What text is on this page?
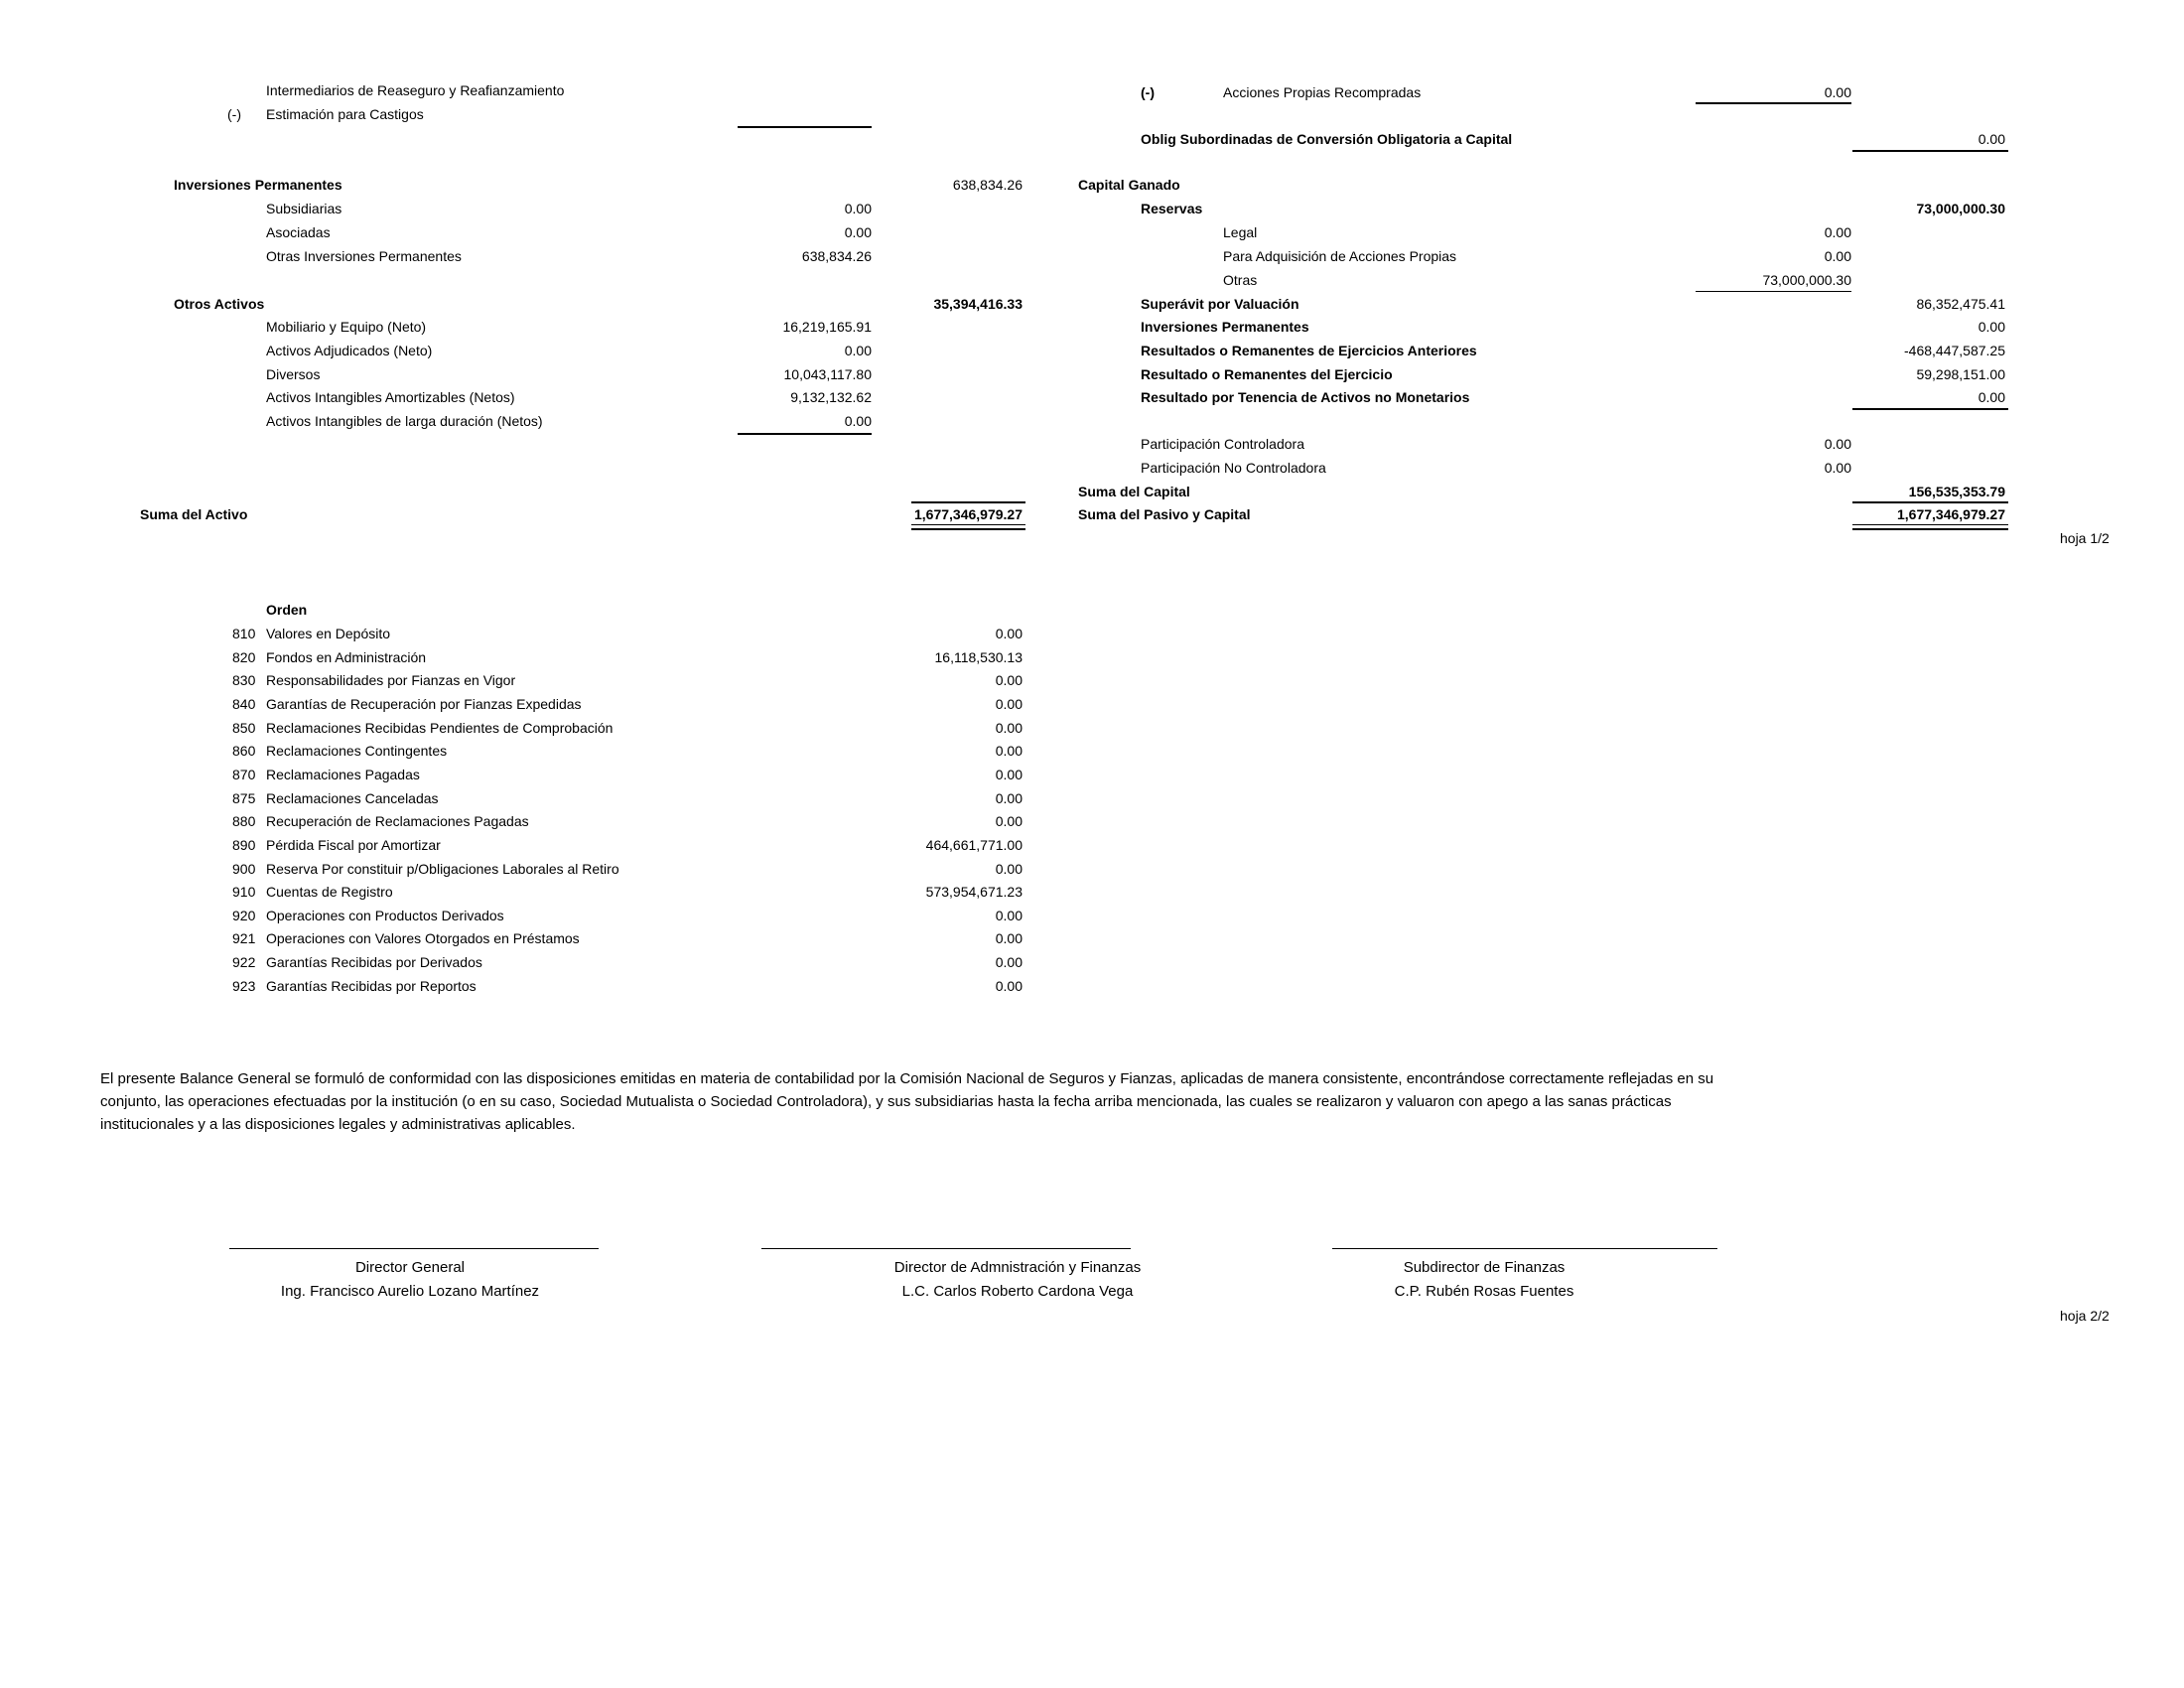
Intermediarios de Reaseguro y Reafianzamiento
(-) Estimación para Castigos
Inversiones Permanentes	638,834.26
Subsidiarias	0.00
Asociadas	0.00
Otras Inversiones Permanentes	638,834.26
Otros Activos	35,394,416.33
Mobiliario y Equipo (Neto)	16,219,165.91
Activos Adjudicados (Neto)	0.00
Diversos	10,043,117.80
Activos Intangibles Amortizables (Netos)	9,132,132.62
Activos Intangibles de larga duración (Netos)	0.00
Suma del Activo	1,677,346,979.27
(-)	Acciones Propias Recompradas	0.00
Oblig Subordinadas de Conversión Obligatoria a Capital	0.00
Capital Ganado
Reservas	73,000,000.30
Legal	0.00
Para Adquisición de Acciones Propias	0.00
Otras	73,000,000.30
Superávit por Valuación	86,352,475.41
Inversiones Permanentes	0.00
Resultados o Remanentes de Ejercicios Anteriores	-468,447,587.25
Resultado o Remanentes del Ejercicio	59,298,151.00
Resultado por Tenencia de Activos no Monetarios	0.00
Participación Controladora	0.00
Participación No Controladora	0.00
Suma del Capital	156,535,353.79
Suma del Pasivo y Capital	1,677,346,979.27
hoja 1/2
Orden
810 Valores en Depósito	0.00
820 Fondos en Administración	16,118,530.13
830 Responsabilidades por Fianzas en Vigor	0.00
840 Garantías de Recuperación por Fianzas Expedidas	0.00
850 Reclamaciones Recibidas Pendientes de Comprobación	0.00
860 Reclamaciones Contingentes	0.00
870 Reclamaciones Pagadas	0.00
875 Reclamaciones Canceladas	0.00
880 Recuperación de Reclamaciones Pagadas	0.00
890 Pérdida Fiscal por Amortizar	464,661,771.00
900 Reserva Por constituir p/Obligaciones Laborales al Retiro	0.00
910 Cuentas de Registro	573,954,671.23
920 Operaciones con Productos Derivados	0.00
921 Operaciones con Valores Otorgados en Préstamos	0.00
922 Garantías Recibidas por Derivados	0.00
923 Garantías Recibidas por Reportos	0.00
El presente Balance General se formuló de conformidad con las disposiciones emitidas en materia de contabilidad por la Comisión Nacional de Seguros y Fianzas, aplicadas de manera consistente, encontrándose correctamente reflejadas en su
conjunto, las operaciones efectuadas por la institución (o en su caso, Sociedad Mutualista o Sociedad Controladora), y sus subsidiarias hasta la fecha arriba mencionada, las cuales se realizaron y valuaron con apego a las sanas prácticas
institucionales y a las disposiciones legales y administrativas aplicables.
Director General
Ing. Francisco Aurelio Lozano Martínez
Director de Admnistración y Finanzas
L.C. Carlos Roberto Cardona Vega
Subdirector de Finanzas
C.P. Rubén Rosas Fuentes
hoja 2/2
